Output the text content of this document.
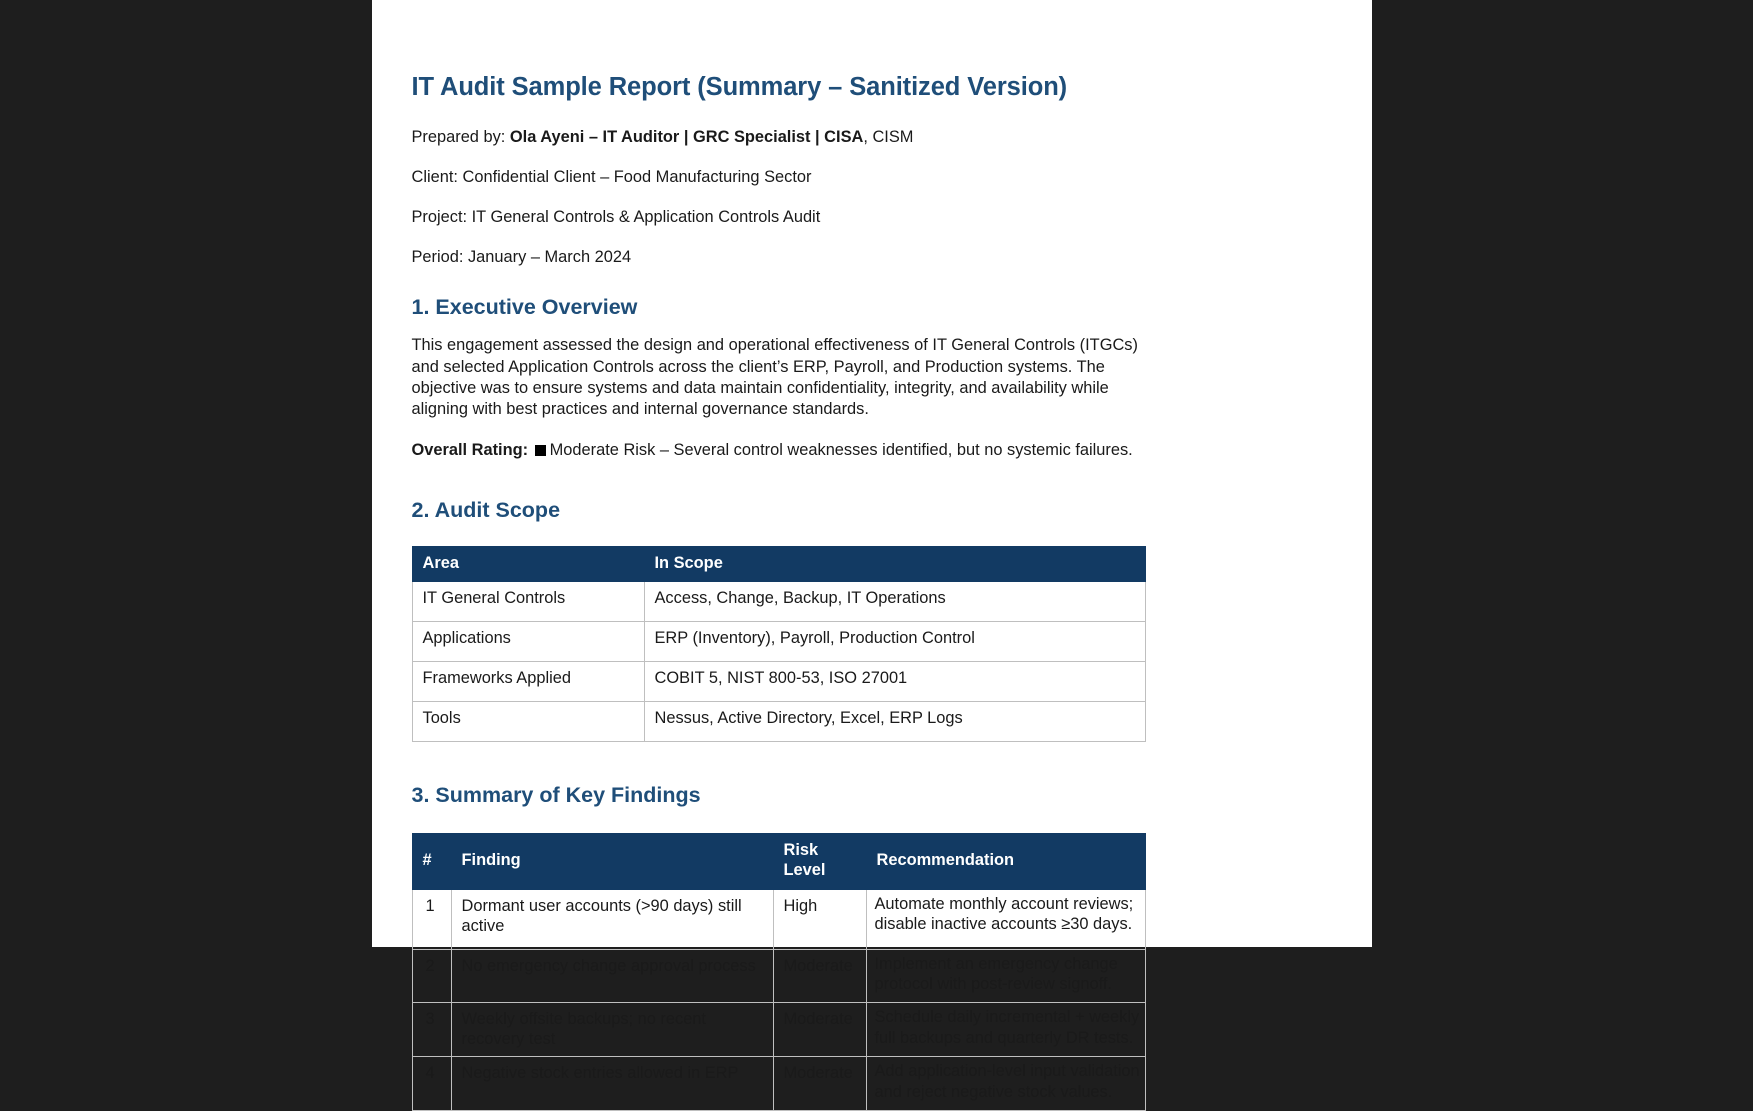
IT Audit Sample Report (Summary – Sanitized Version)

Prepared by: Ola Ayeni – IT Auditor | GRC Specialist | CISA, CISM

Client: Confidential Client – Food Manufacturing Sector

Project: IT General Controls & Application Controls Audit

Period: January – March 2024

1. Executive Overview

This engagement assessed the design and operational effectiveness of IT General Controls (ITGCs) and selected Application Controls across the client’s ERP, Payroll, and Production systems. The objective was to ensure systems and data maintain confidentiality, integrity, and availability while aligning with best practices and internal governance standards.

Overall Rating: Moderate Risk – Several control weaknesses identified, but no systemic failures.

2. Audit Scope
Area	In Scope
IT General Controls	Access, Change, Backup, IT Operations
Applications	ERP (Inventory), Payroll, Production Control
Frameworks Applied	COBIT 5, NIST 800-53, ISO 27001
Tools	Nessus, Active Directory, Excel, ERP Logs
3. Summary of Key Findings
#	Finding	Risk Level	Recommendation
1	Dormant user accounts (>90 days) still active	High	Automate monthly account reviews; disable inactive accounts ≥30 days.
2	No emergency change approval process	Moderate	Implement an emergency change protocol with post-review signoff.
3	Weekly offsite backups; no recent recovery test	Moderate	Schedule daily incremental + weekly full backups and quarterly DR tests.
4	Negative stock entries allowed in ERP	Moderate	Add application-level input validation and reject negative stock values.
